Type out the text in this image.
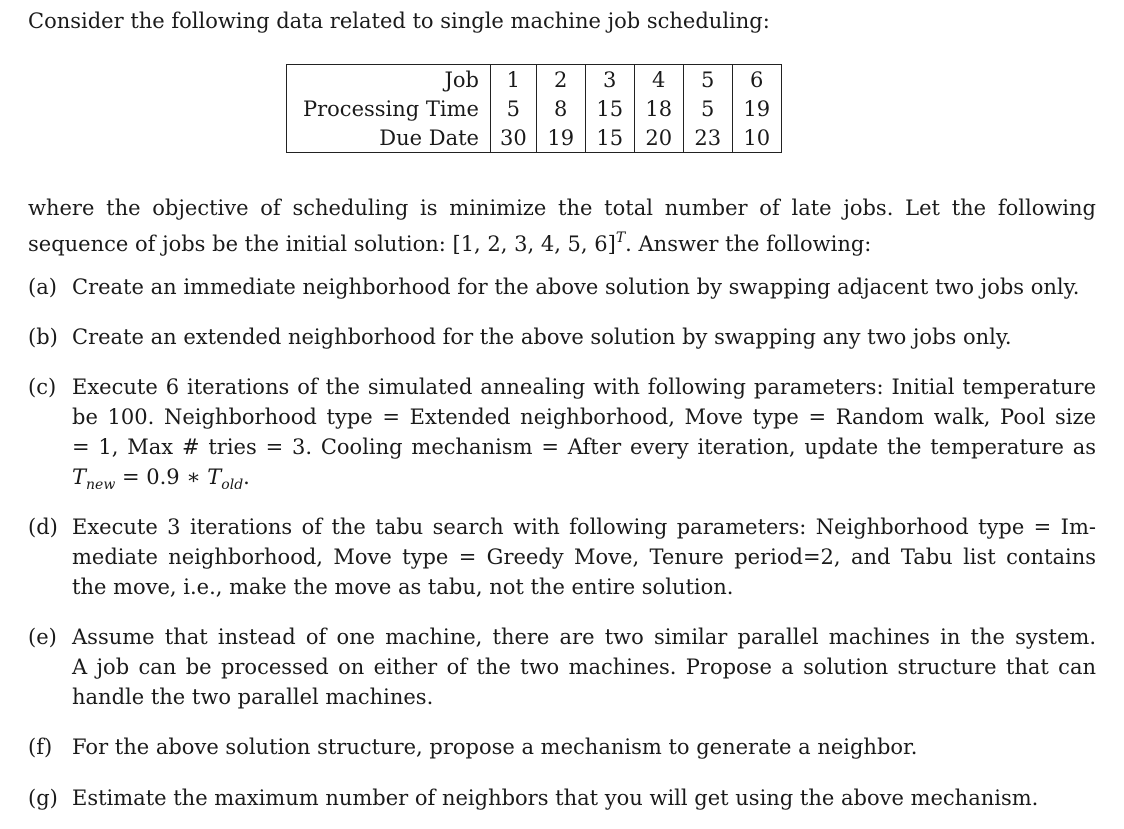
Consider the following data related to single machine job scheduling:
Job	1	2	3	4	5	6
Processing Time	5	8	15	18	5	19
Due Date	30	19	15	20	23	10
where the objective of scheduling is minimize the total number of late jobs. Let the following
sequence of jobs be the initial solution: [1, 2, 3, 4, 5, 6]$^T$. Answer the following:
(a) Create an immediate neighborhood for the above solution by swapping adjacent two jobs only.
(b) Create an extended neighborhood for the above solution by swapping any two jobs only.
(c) Execute 6 iterations of the simulated annealing with following parameters: Initial temperature
be 100. Neighborhood type = Extended neighborhood, Move type = Random walk, Pool size
= 1, Max # tries = 3. Cooling mechanism = After every iteration, update the temperature as
$T_{new} = 0.9$ ∗ $T_{old}$.
(d) Execute 3 iterations of the tabu search with following parameters: Neighborhood type = Im-
mediate neighborhood, Move type = Greedy Move, Tenure period=2, and Tabu list contains
the move, i.e., make the move as tabu, not the entire solution.
(e) Assume that instead of one machine, there are two similar parallel machines in the system.
A job can be processed on either of the two machines. Propose a solution structure that can
handle the two parallel machines.
(f) For the above solution structure, propose a mechanism to generate a neighbor.
(g) Estimate the maximum number of neighbors that you will get using the above mechanism.
